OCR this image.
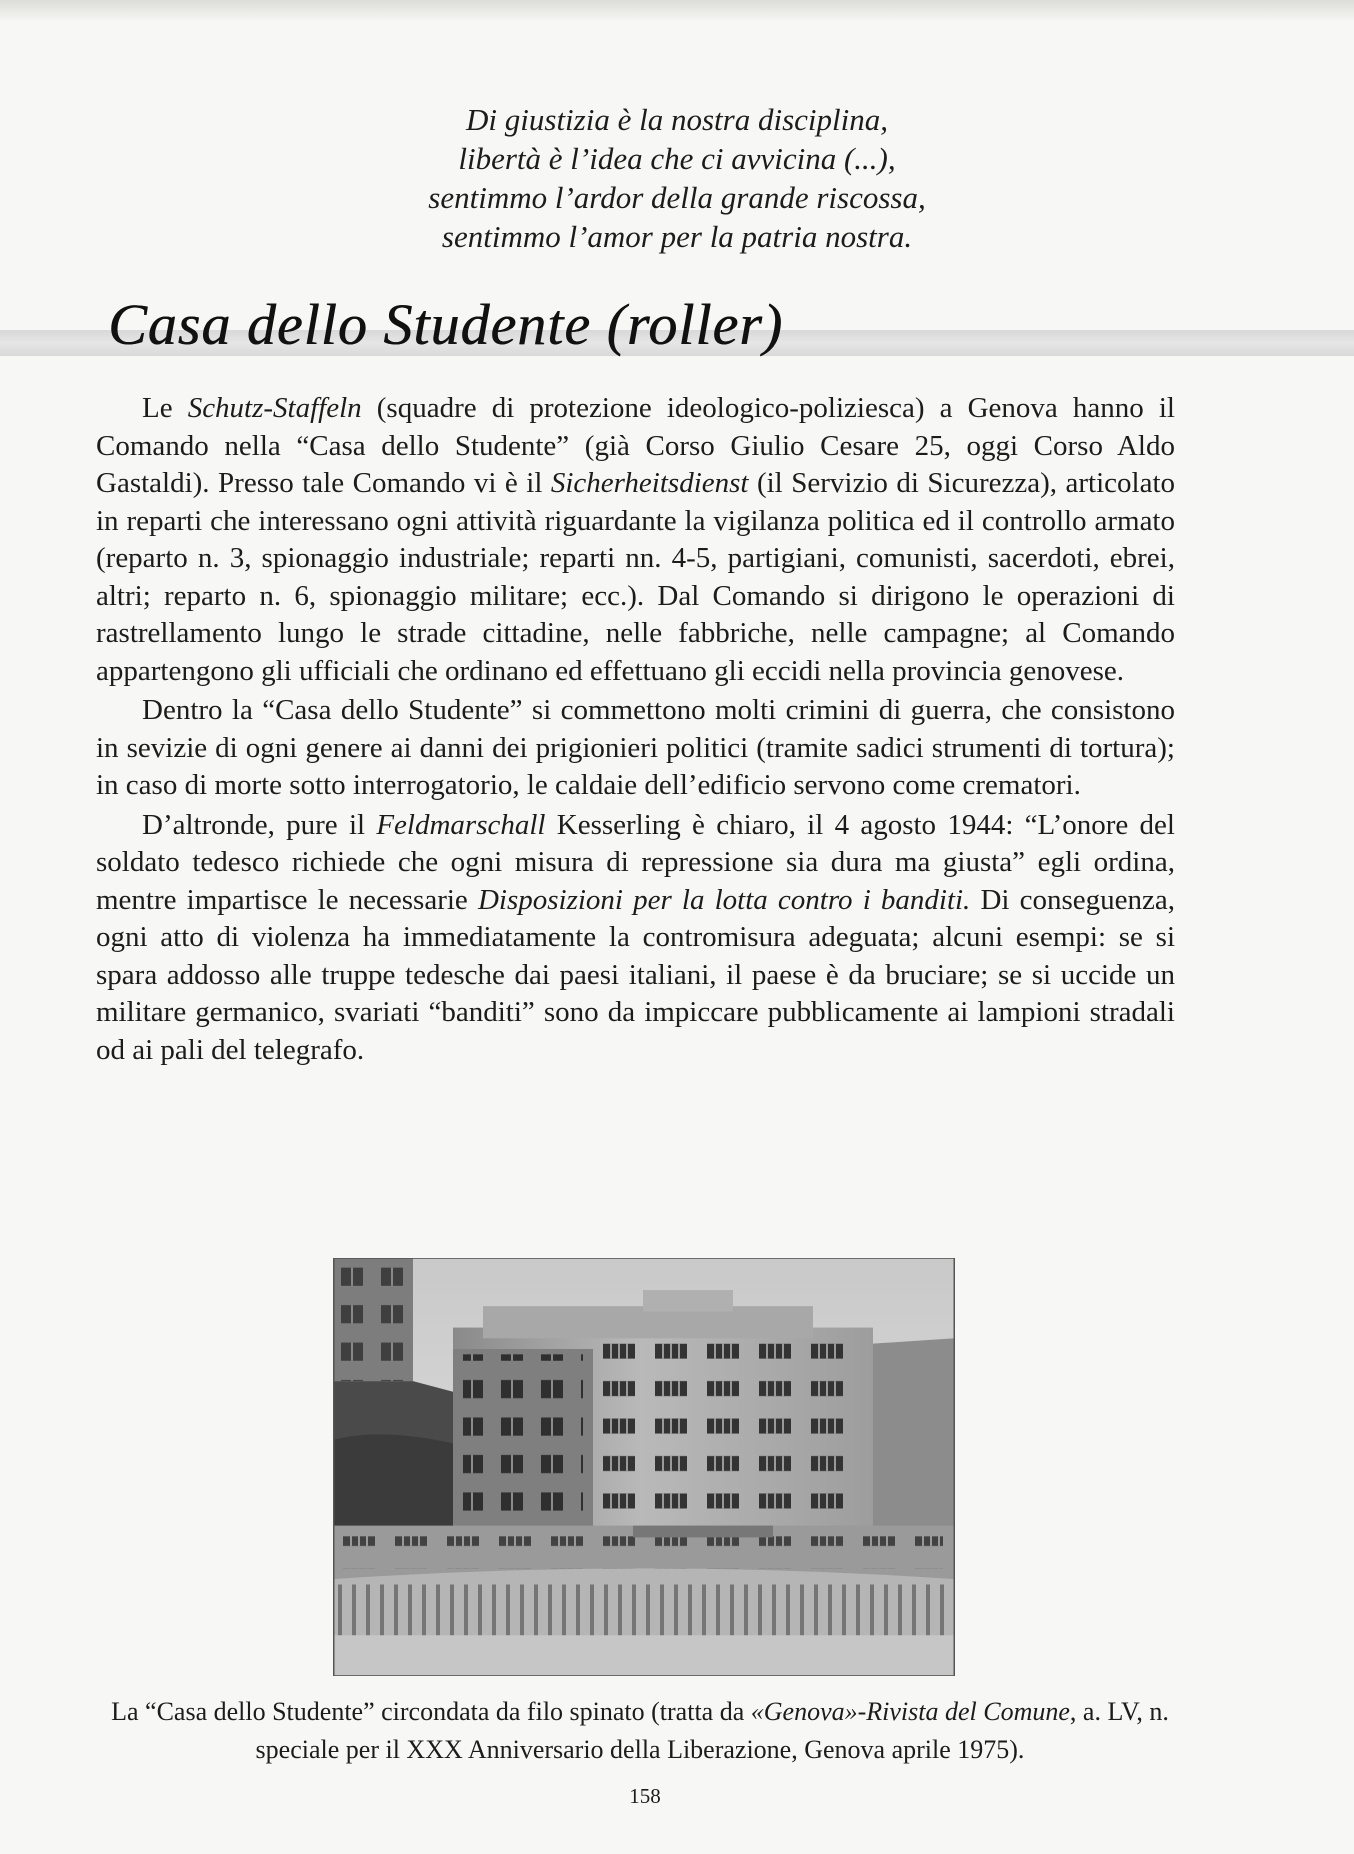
Di giustizia è la nostra disciplina,
libertà è l’idea che ci avvicina (...),
sentimmo l’ardor della grande riscossa,
sentimmo l’amor per la patria nostra.
Casa dello Studente (roller)

Le Schutz-Staffeln (squadre di protezione ideologico-poliziesca) a Genova hanno il Comando nella “Casa dello Studente” (già Corso Giulio Cesare 25, oggi Corso Aldo Gastaldi). Presso tale Comando vi è il Sicherheitsdienst (il Servizio di Sicurezza), articolato in reparti che interessano ogni attività riguardante la vigilanza politica ed il controllo armato (reparto n. 3, spionaggio industriale; reparti nn. 4-5, partigiani, comunisti, sacerdoti, ebrei, altri; reparto n. 6, spionaggio militare; ecc.). Dal Comando si dirigono le operazioni di rastrellamento lungo le strade cittadine, nelle fabbriche, nelle campagne; al Comando appartengono gli ufficiali che ordinano ed effettuano gli eccidi nella provincia genovese.

Dentro la “Casa dello Studente” si commettono molti crimini di guerra, che consistono in sevizie di ogni genere ai danni dei prigionieri politici (tramite sadici strumenti di tortura); in caso di morte sotto interrogatorio, le caldaie dell’edificio servono come crematori.

D’altronde, pure il Feldmarschall Kesserling è chiaro, il 4 agosto 1944: “L’onore del soldato tedesco richiede che ogni misura di repressione sia dura ma giusta” egli ordina, mentre impartisce le necessarie Disposizioni per la lotta contro i banditi. Di conseguenza, ogni atto di violenza ha immediatamente la contromisura adeguata; alcuni esempi: se si spara addosso alle truppe tedesche dai paesi italiani, il paese è da bruciare; se si uccide un militare germanico, svariati “banditi” sono da impiccare pubblicamente ai lampioni stradali od ai pali del telegrafo.

La “Casa dello Studente” circondata da filo spinato (tratta da «Genova»-Rivista del Comune, a. LV, n. speciale per il XXX Anniversario della Liberazione, Genova aprile 1975).
158
